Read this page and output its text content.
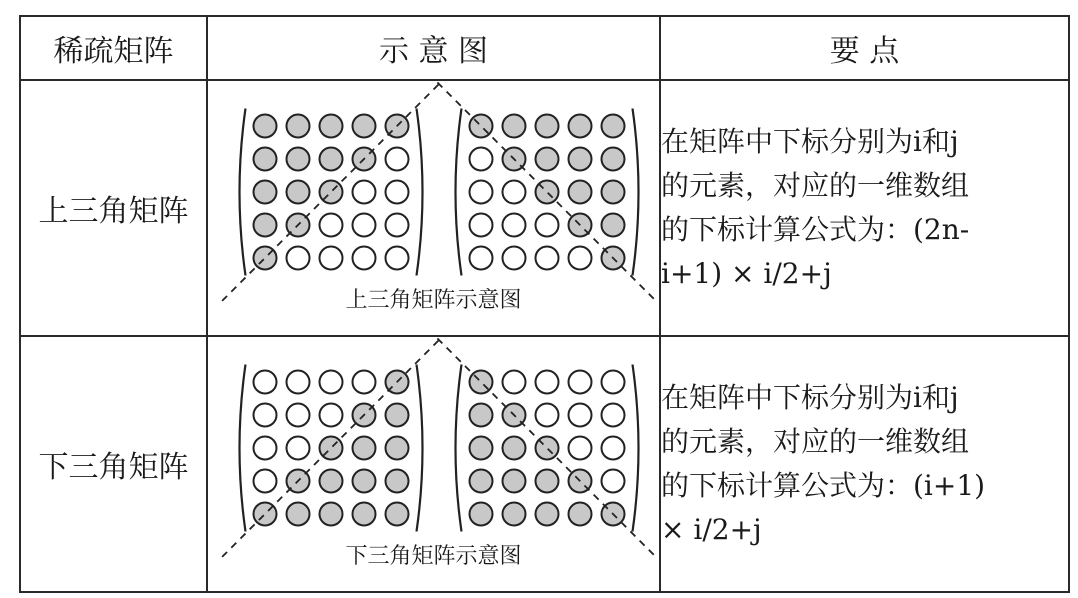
稀疏矩阵	示 意 图	要 点
上三角矩阵	上三角矩阵示意图	在矩阵中下标分别为i和j
的元素，对应的一维数组
的下标计算公式为：(2n-
i+1) × i/2+j

下三角矩阵	下三角矩阵示意图	在矩阵中下标分别为i和j
的元素，对应的一维数组
的下标计算公式为：(i+1)
× i/2+j
